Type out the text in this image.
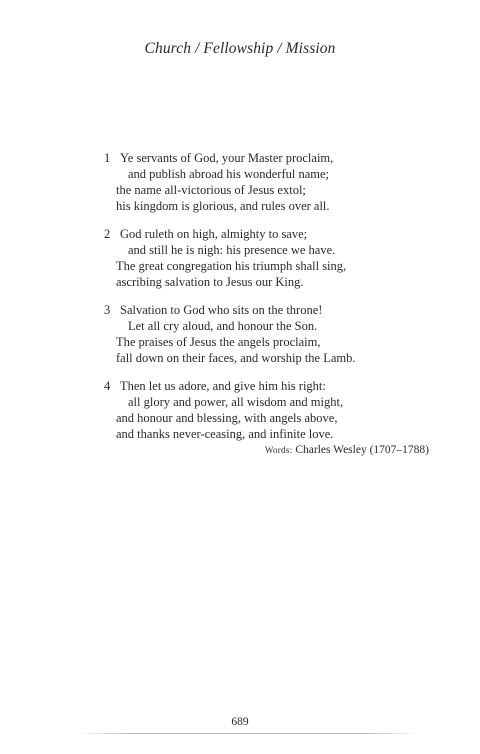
Church / Fellowship / Mission
1 Ye servants of God, your Master proclaim,
and publish abroad his wonderful name;
the name all-victorious of Jesus extol;
his kingdom is glorious, and rules over all.
2 God ruleth on high, almighty to save;
and still he is nigh: his presence we have.
The great congregation his triumph shall sing,
ascribing salvation to Jesus our King.
3 Salvation to God who sits on the throne!
Let all cry aloud, and honour the Son.
The praises of Jesus the angels proclaim,
fall down on their faces, and worship the Lamb.
4 Then let us adore, and give him his right:
all glory and power, all wisdom and might,
and honour and blessing, with angels above,
and thanks never-ceasing, and infinite love.
Words: Charles Wesley (1707–1788)
689
